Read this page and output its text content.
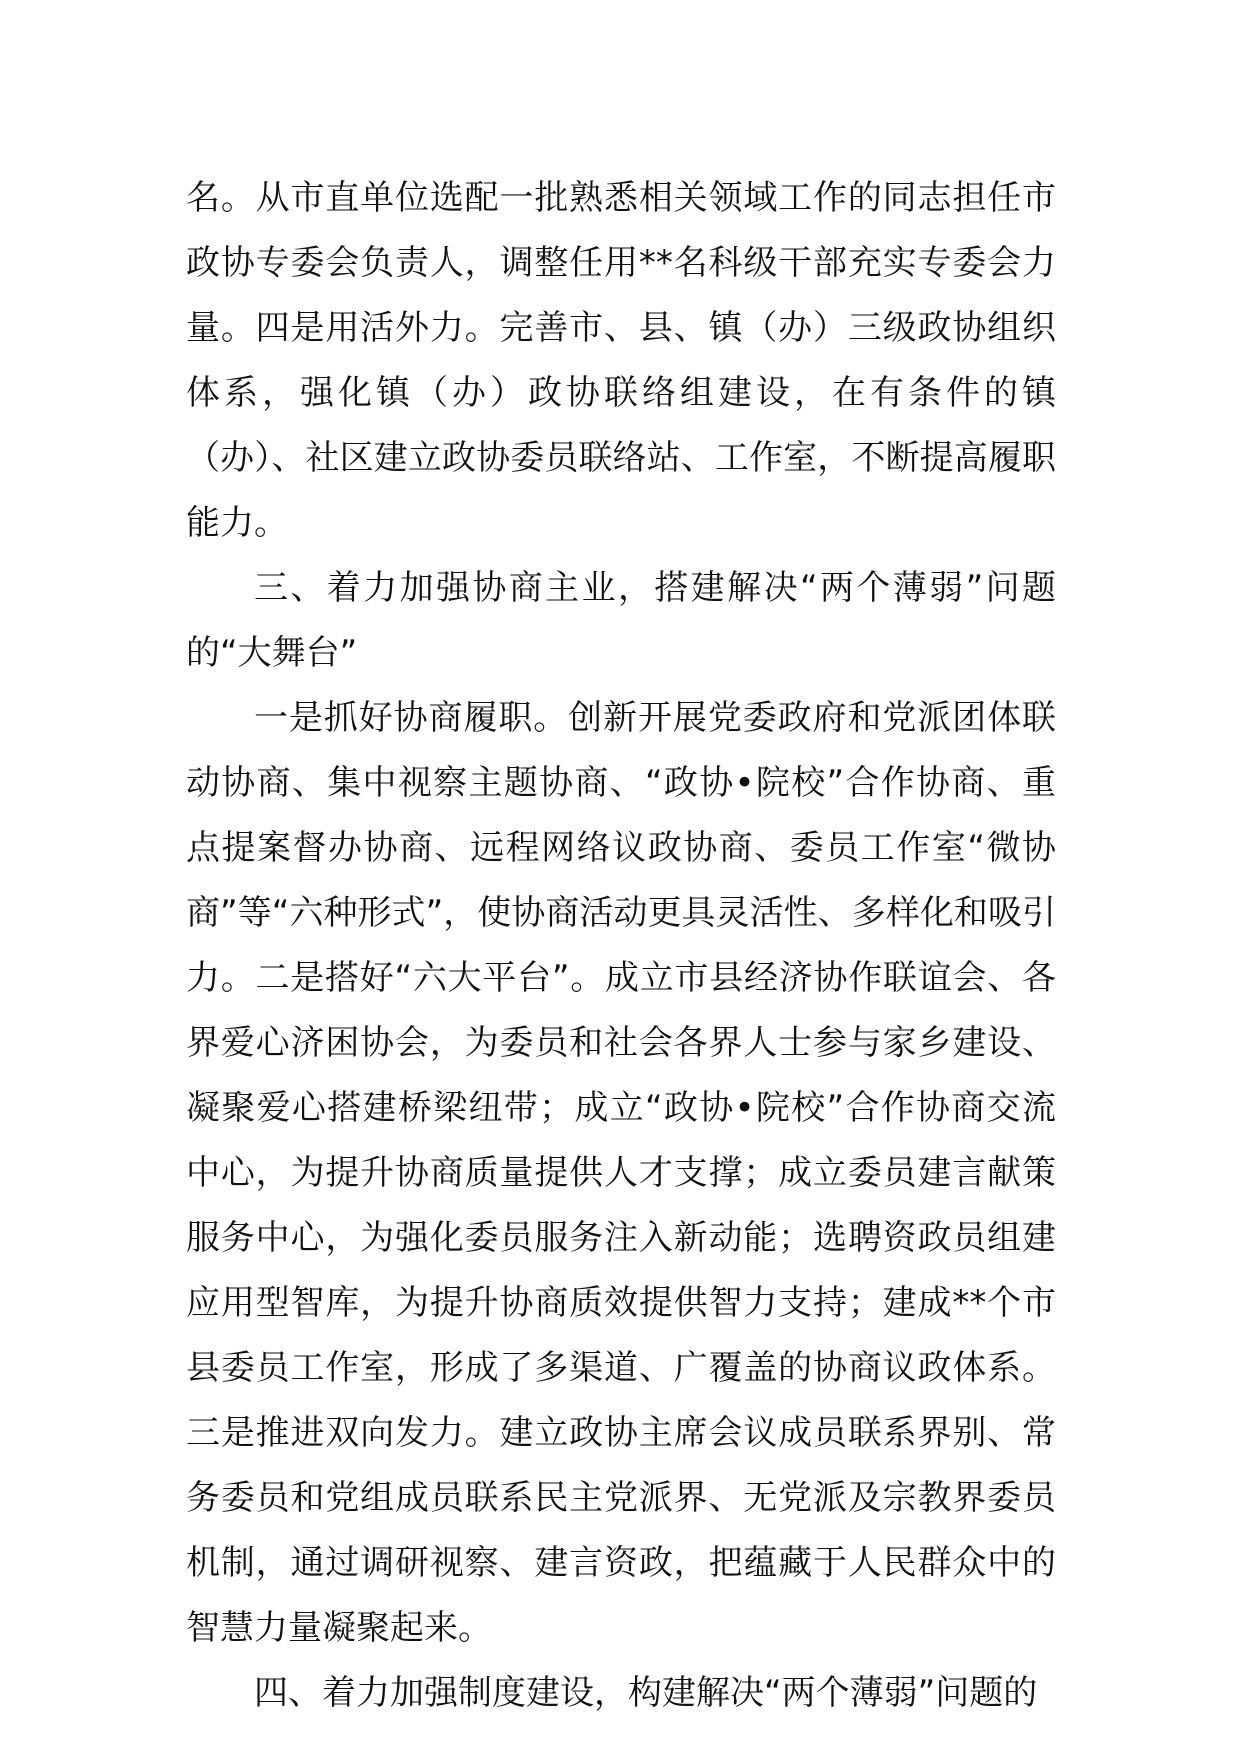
名。从市直单位选配一批熟悉相关领域工作的同志担任市政协专委会负责人，调整任用**名科级干部充实专委会力量。四是用活外力。完善市、县、镇（办）三级政协组织体系，强化镇（办）政协联络组建设，在有条件的镇（办）、社区建立政协委员联络站、工作室，不断提高履职能力。

三、着力加强协商主业，搭建解决“两个薄弱”问题的“大舞台”

一是抓好协商履职。创新开展党委政府和党派团体联动协商、集中视察主题协商、“政协•院校”合作协商、重点提案督办协商、远程网络议政协商、委员工作室“微协商”等“六种形式”，使协商活动更具灵活性、多样化和吸引力。二是搭好“六大平台”。成立市县经济协作联谊会、各界爱心济困协会，为委员和社会各界人士参与家乡建设、凝聚爱心搭建桥梁纽带；成立“政协•院校”合作协商交流中心，为提升协商质量提供人才支撑；成立委员建言献策服务中心，为强化委员服务注入新动能；选聘资政员组建应用型智库，为提升协商质效提供智力支持；建成**个市县委员工作室，形成了多渠道、广覆盖的协商议政体系。三是推进双向发力。建立政协主席会议成员联系界别、常务委员和党组成员联系民主党派界、无党派及宗教界委员机制，通过调研视察、建言资政，把蕴藏于人民群众中的智慧力量凝聚起来。

四、着力加强制度建设，构建解决“两个薄弱”问题的
